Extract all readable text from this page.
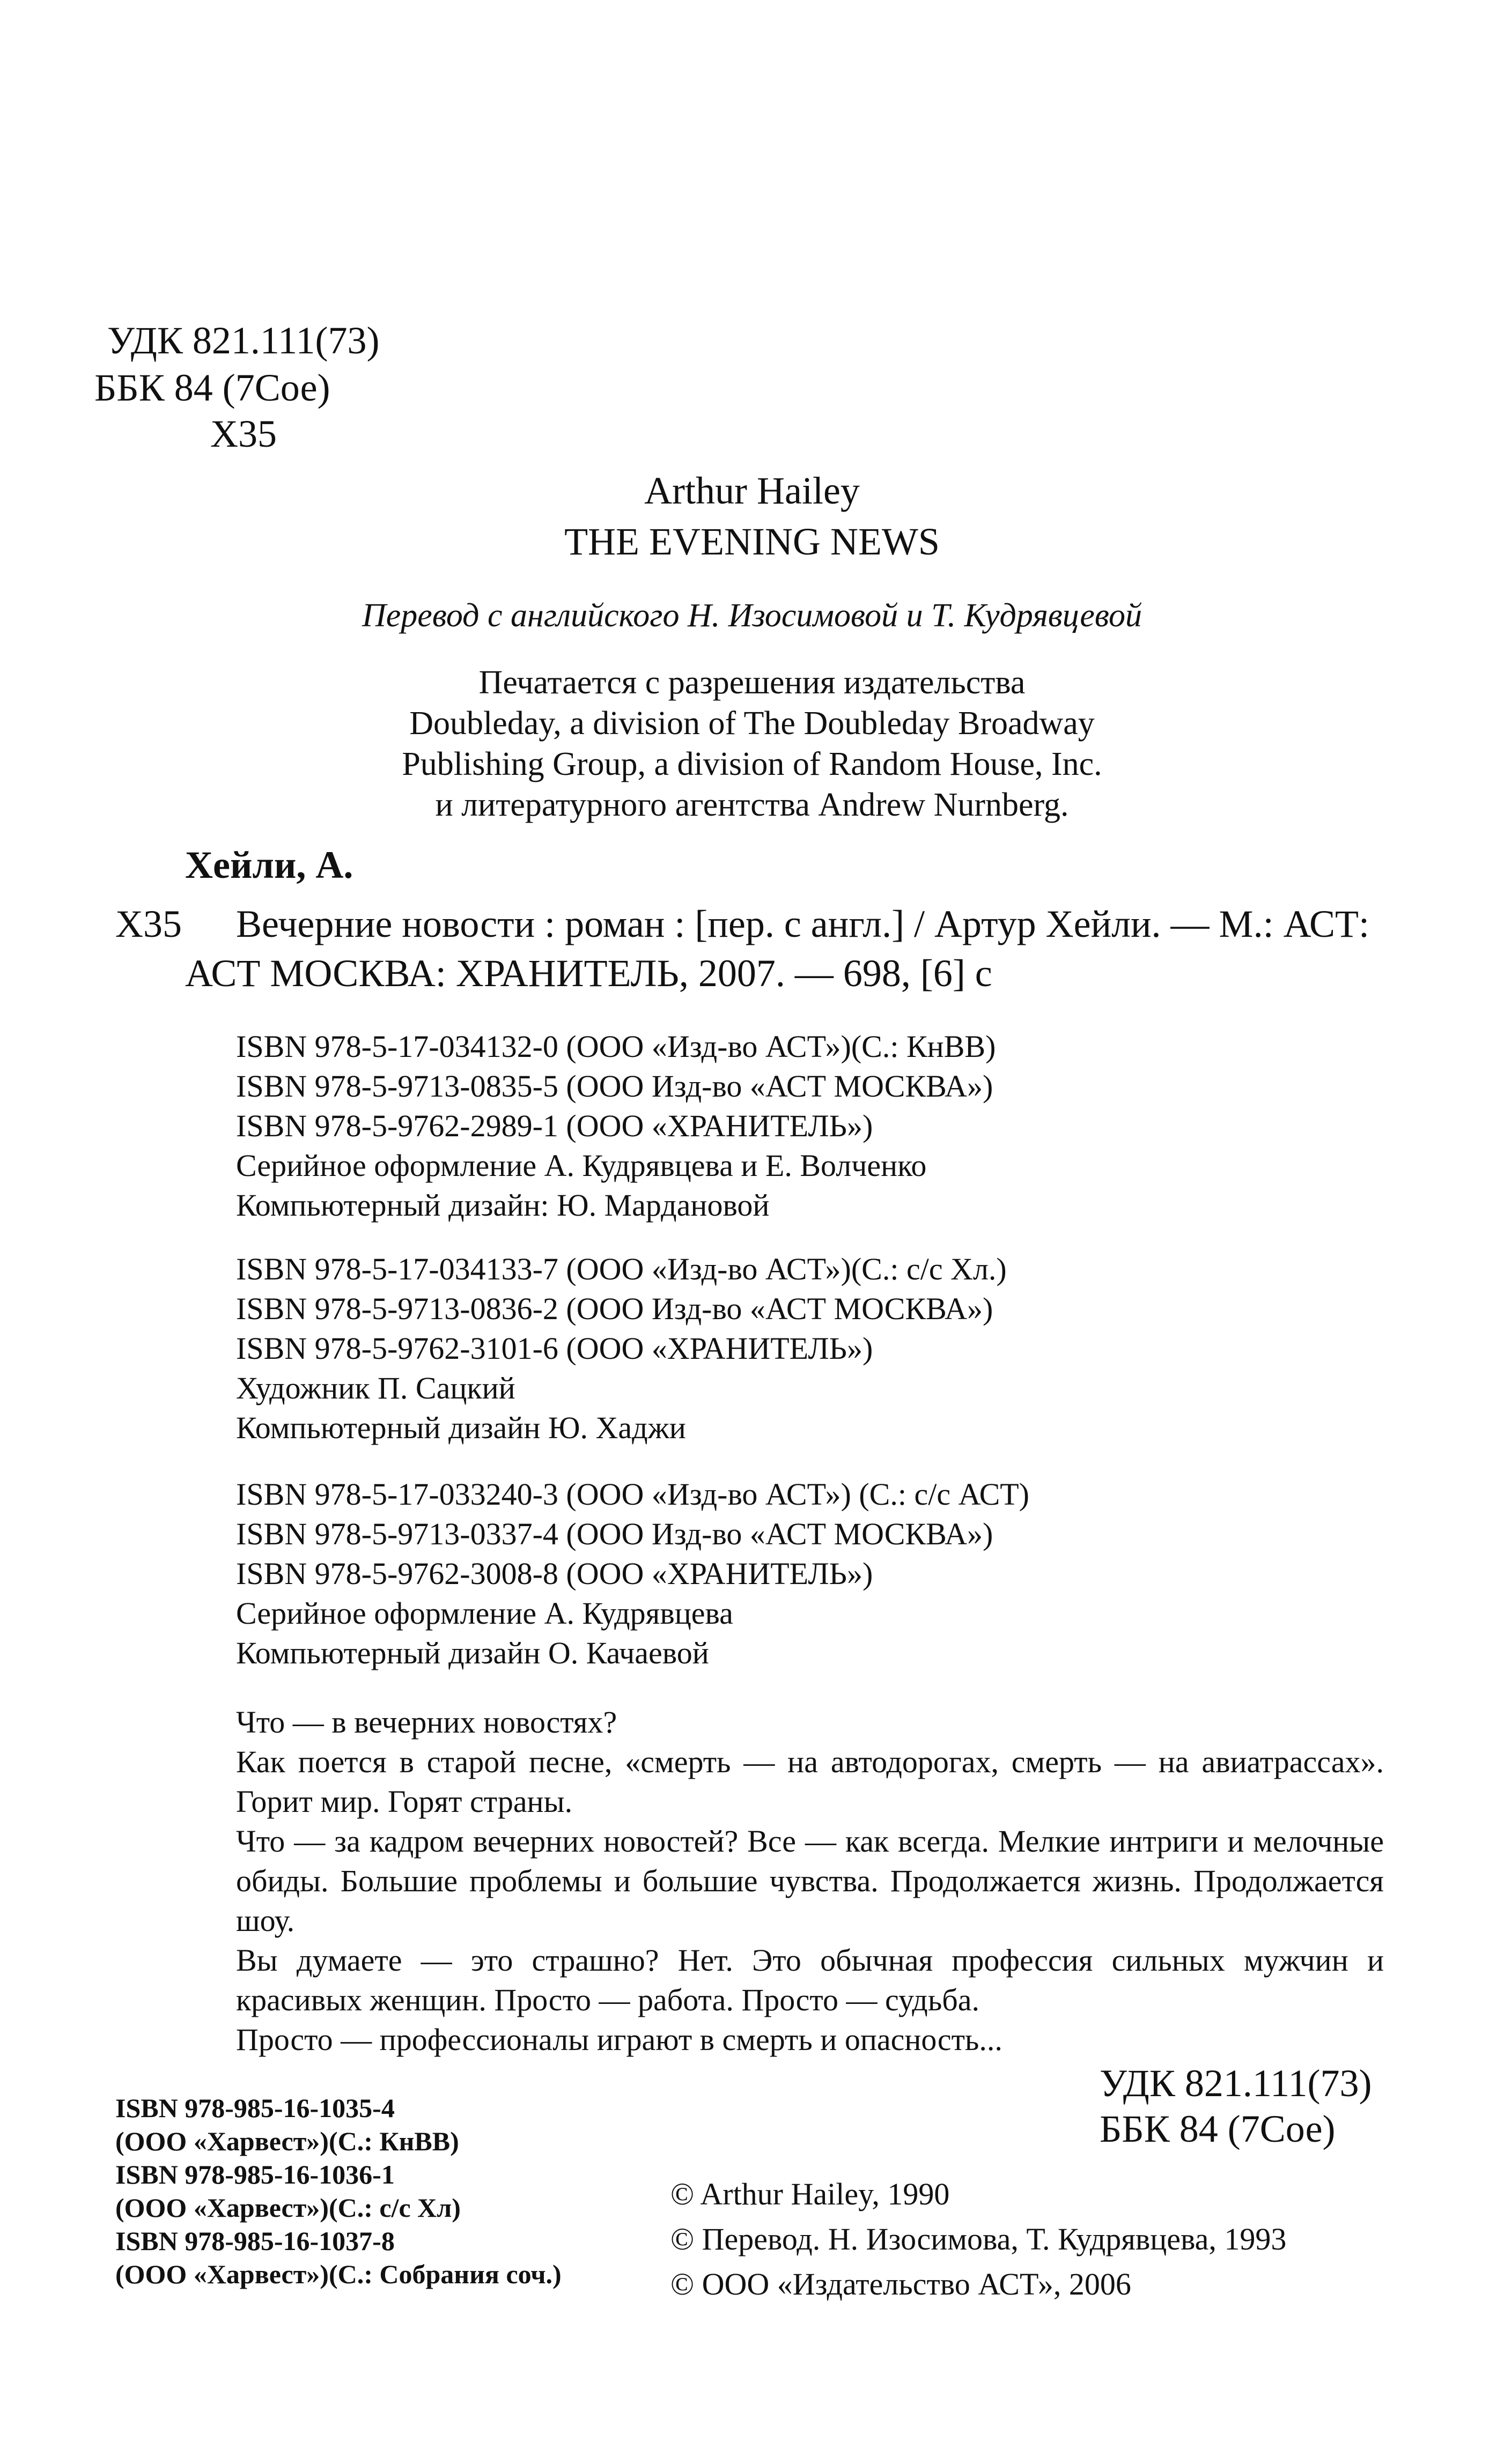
УДК 821.111(73)
ББК 84 (7Сое)
Х35
Arthur Hailey
THE EVENING NEWS
Перевод с английского Н. Изосимовой и Т. Кудрявцевой
Печатается с разрешения издательства
Doubleday, a division of The Doubleday Broadway
Publishing Group, a division of Random House, Inc.
и литературного агентства Andrew Nurnberg.
Хейли, А.
Х35 Вечерние новости : роман : [пер. с англ.] / Артур Хейли. — М.: АСТ:
АСТ МОСКВА: ХРАНИТЕЛЬ, 2007. — 698, [6] с
ISBN 978-5-17-034132-0 (ООО «Изд-во АСТ»)(С.: КнВВ)
ISBN 978-5-9713-0835-5 (ООО Изд-во «АСТ МОСКВА»)
ISBN 978-5-9762-2989-1 (ООО «ХРАНИТЕЛЬ»)
Серийное оформление А. Кудрявцева и Е. Волченко
Компьютерный дизайн: Ю. Мардановой
ISBN 978-5-17-034133-7 (ООО «Изд-во АСТ»)(С.: с/с Хл.)
ISBN 978-5-9713-0836-2 (ООО Изд-во «АСТ МОСКВА»)
ISBN 978-5-9762-3101-6 (ООО «ХРАНИТЕЛЬ»)
Художник П. Сацкий
Компьютерный дизайн Ю. Хаджи
ISBN 978-5-17-033240-3 (ООО «Изд-во АСТ») (С.: с/с АСТ)
ISBN 978-5-9713-0337-4 (ООО Изд-во «АСТ МОСКВА»)
ISBN 978-5-9762-3008-8 (ООО «ХРАНИТЕЛЬ»)
Серийное оформление А. Кудрявцева
Компьютерный дизайн О. Качаевой
Что — в вечерних новостях?
Как поется в старой песне, «смерть — на автодорогах, смерть — на авиатрассах». Горит мир. Горят страны.
Что — за кадром вечерних новостей? Все — как всегда. Мелкие интриги и мелочные обиды. Большие проблемы и большие чувства. Продолжается жизнь. Продолжается шоу.
Вы думаете — это страшно? Нет. Это обычная профессия сильных мужчин и красивых женщин. Просто — работа. Просто — судьба.
Просто — профессионалы играют в смерть и опасность...
ISBN 978-985-16-1035-4
(ООО «Харвест»)(С.: КнВВ)
ISBN 978-985-16-1036-1
(ООО «Харвест»)(С.: с/с Хл)
ISBN 978-985-16-1037-8
(ООО «Харвест»)(С.: Собрания соч.)
УДК 821.111(73)
ББК 84 (7Сое)
© Arthur Hailey, 1990
© Перевод. Н. Изосимова, Т. Кудрявцева, 1993
© ООО «Издательство АСТ», 2006
